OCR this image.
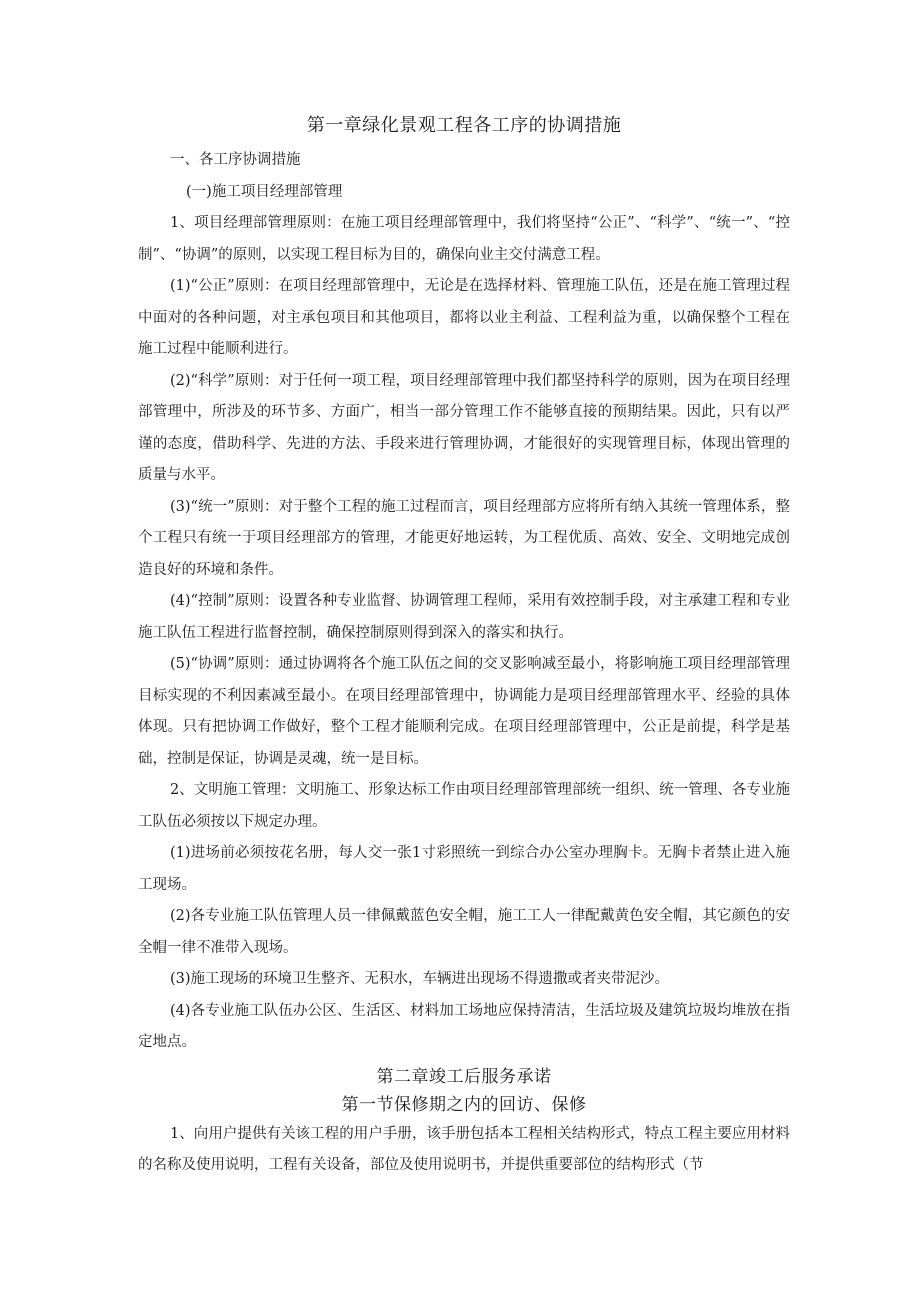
第一章绿化景观工程各工序的协调措施
一、各工序协调措施
(一)施工项目经理部管理

1、项目经理部管理原则：在施工项目经理部管理中，我们将坚持“公正”、“科学”、“统一”、“控制”、“协调”的原则，以实现工程目标为目的，确保向业主交付满意工程。

(1)“公正”原则：在项目经理部管理中，无论是在选择材料、管理施工队伍，还是在施工管理过程中面对的各种问题，对主承包项目和其他项目，都将以业主利益、工程利益为重，以确保整个工程在施工过程中能顺利进行。

(2)“科学”原则：对于任何一项工程，项目经理部管理中我们都坚持科学的原则，因为在项目经理部管理中，所涉及的环节多、方面广，相当一部分管理工作不能够直接的预期结果。因此，只有以严谨的态度，借助科学、先进的方法、手段来进行管理协调，才能很好的实现管理目标，体现出管理的质量与水平。

(3)“统一”原则：对于整个工程的施工过程而言，项目经理部方应将所有纳入其统一管理体系，整个工程只有统一于项目经理部方的管理，才能更好地运转，为工程优质、高效、安全、文明地完成创造良好的环境和条件。

(4)“控制”原则：设置各种专业监督、协调管理工程师，采用有效控制手段，对主承建工程和专业施工队伍工程进行监督控制，确保控制原则得到深入的落实和执行。

(5)“协调”原则：通过协调将各个施工队伍之间的交叉影响减至最小，将影响施工项目经理部管理目标实现的不利因素减至最小。在项目经理部管理中，协调能力是项目经理部管理水平、经验的具体体现。只有把协调工作做好，整个工程才能顺利完成。在项目经理部管理中，公正是前提，科学是基础，控制是保证，协调是灵魂，统一是目标。

2、文明施工管理：文明施工、形象达标工作由项目经理部管理部统一组织、统一管理、各专业施工队伍必须按以下规定办理。

(1)进场前必须按花名册，每人交一张1寸彩照统一到综合办公室办理胸卡。无胸卡者禁止进入施工现场。

(2)各专业施工队伍管理人员一律佩戴蓝色安全帽，施工工人一律配戴黄色安全帽，其它颜色的安全帽一律不准带入现场。

(3)施工现场的环境卫生整齐、无积水，车辆进出现场不得遗撒或者夹带泥沙。

(4)各专业施工队伍办公区、生活区、材料加工场地应保持清洁，生活垃圾及建筑垃圾均堆放在指定地点。

第二章竣工后服务承诺
第一节保修期之内的回访、保修

1、向用户提供有关该工程的用户手册，该手册包括本工程相关结构形式，特点工程主要应用材料的名称及使用说明，工程有关设备，部位及使用说明书，并提供重要部位的结构形式（节
